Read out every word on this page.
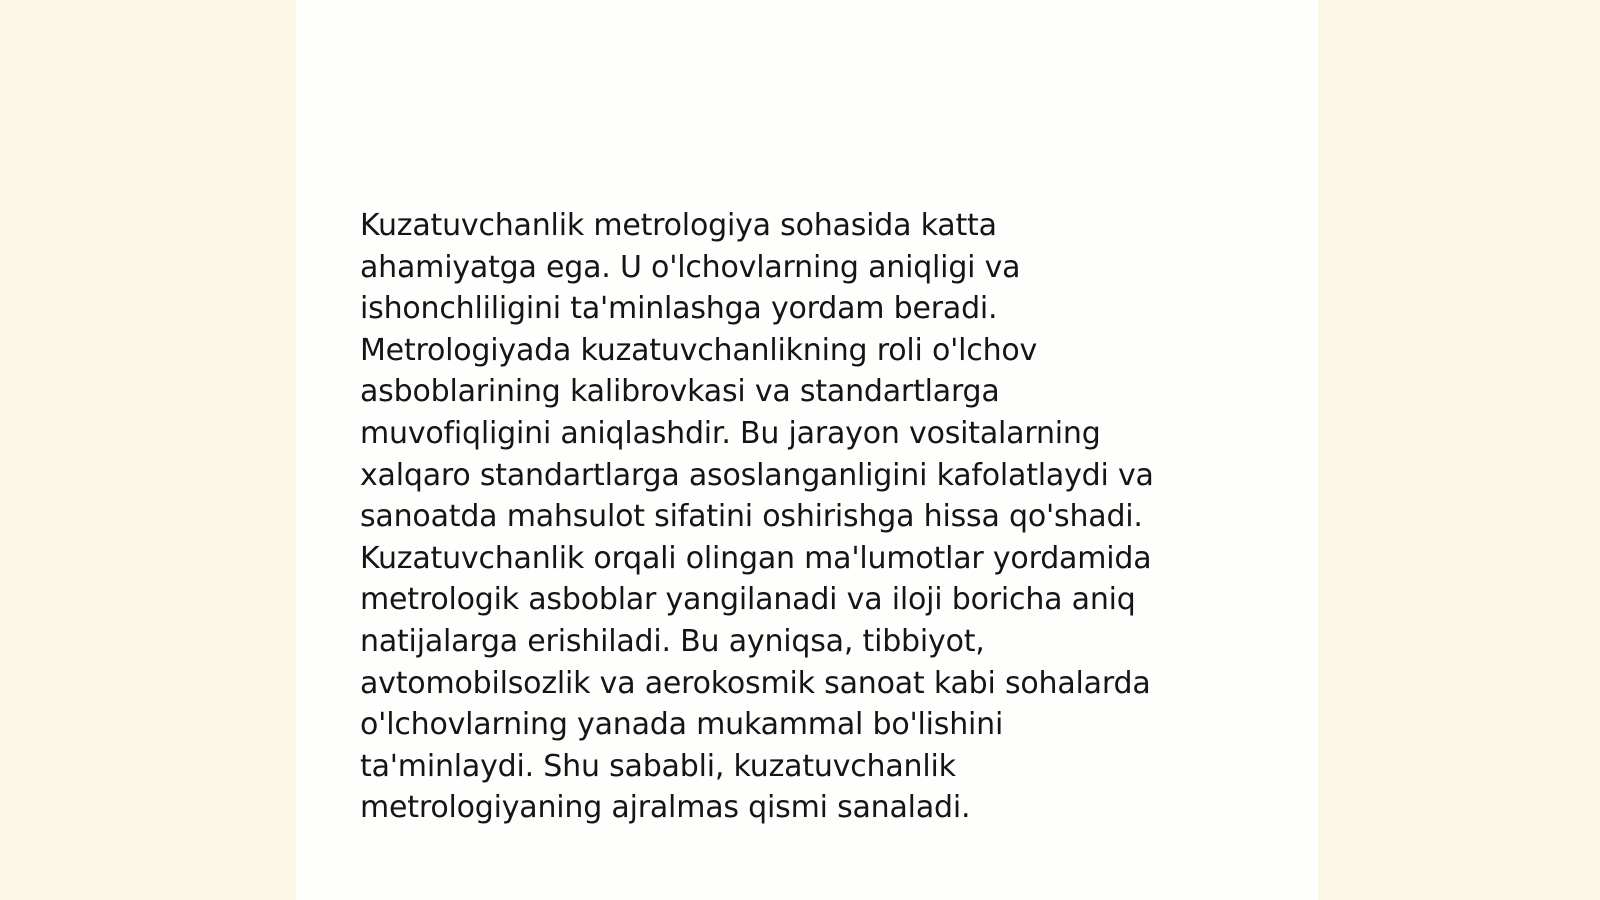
Kuzatuvchanlik metrologiya sohasida katta
ahamiyatga ega. U o'lchovlarning aniqligi va
ishonchliligini ta'minlashga yordam beradi.
Metrologiyada kuzatuvchanlikning roli o'lchov
asboblarining kalibrovkasi va standartlarga
muvofiqligini aniqlashdir. Bu jarayon vositalarning
xalqaro standartlarga asoslanganligini kafolatlaydi va
sanoatda mahsulot sifatini oshirishga hissa qo'shadi.
Kuzatuvchanlik orqali olingan ma'lumotlar yordamida
metrologik asboblar yangilanadi va iloji boricha aniq
natijalarga erishiladi. Bu ayniqsa, tibbiyot,
avtomobilsozlik va aerokosmik sanoat kabi sohalarda
o'lchovlarning yanada mukammal bo'lishini
ta'minlaydi. Shu sababli, kuzatuvchanlik
metrologiyaning ajralmas qismi sanaladi.
